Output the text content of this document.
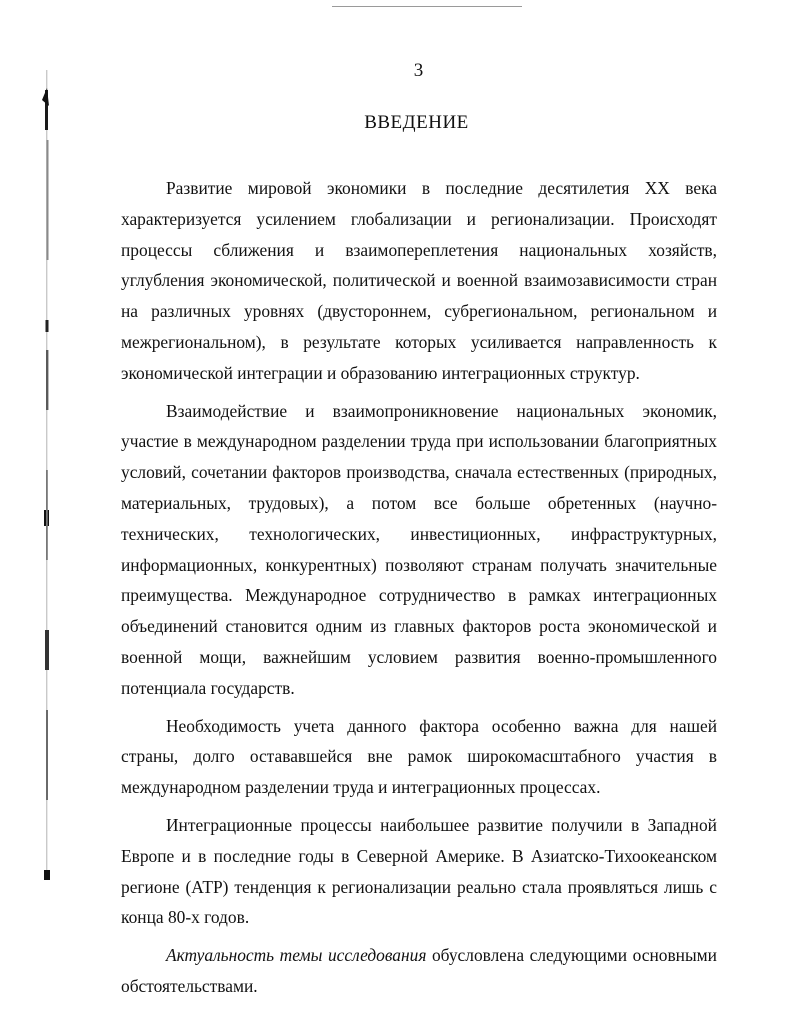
3
ВВЕДЕНИЕ

Развитие мировой экономики в последние десятилетия XX века характеризуется усилением глобализации и регионализации. Происходят процессы сближения и взаимопереплетения национальных хозяйств, углубления экономической, политической и военной взаимозависимости стран на различных уровнях (двустороннем, субрегиональном, региональном и межрегиональном), в результате которых усиливается направленность к экономической интеграции и образованию интеграционных структур.

Взаимодействие и взаимопроникновение национальных экономик, участие в международном разделении труда при использовании благоприятных условий, сочетании факторов производства, сначала естественных (природных, материальных, трудовых), а потом все больше обретенных (научно-технических, технологических, инвестиционных, инфраструктурных, информационных, конкурентных) позволяют странам получать значительные преимущества. Международное сотрудничество в рамках интеграционных объединений становится одним из главных факторов роста экономической и военной мощи, важнейшим условием развития военно-промышленного потенциала государств.

Необходимость учета данного фактора особенно важна для нашей страны, долго остававшейся вне рамок широкомасштабного участия в международном разделении труда и интеграционных процессах.

Интеграционные процессы наибольшее развитие получили в Западной Европе и в последние годы в Северной Америке. В Азиатско-Тихоокеанском регионе (АТР) тенденция к регионализации реально стала проявляться лишь с конца 80-х годов.

Актуальность темы исследования обусловлена следующими основными обстоятельствами.
